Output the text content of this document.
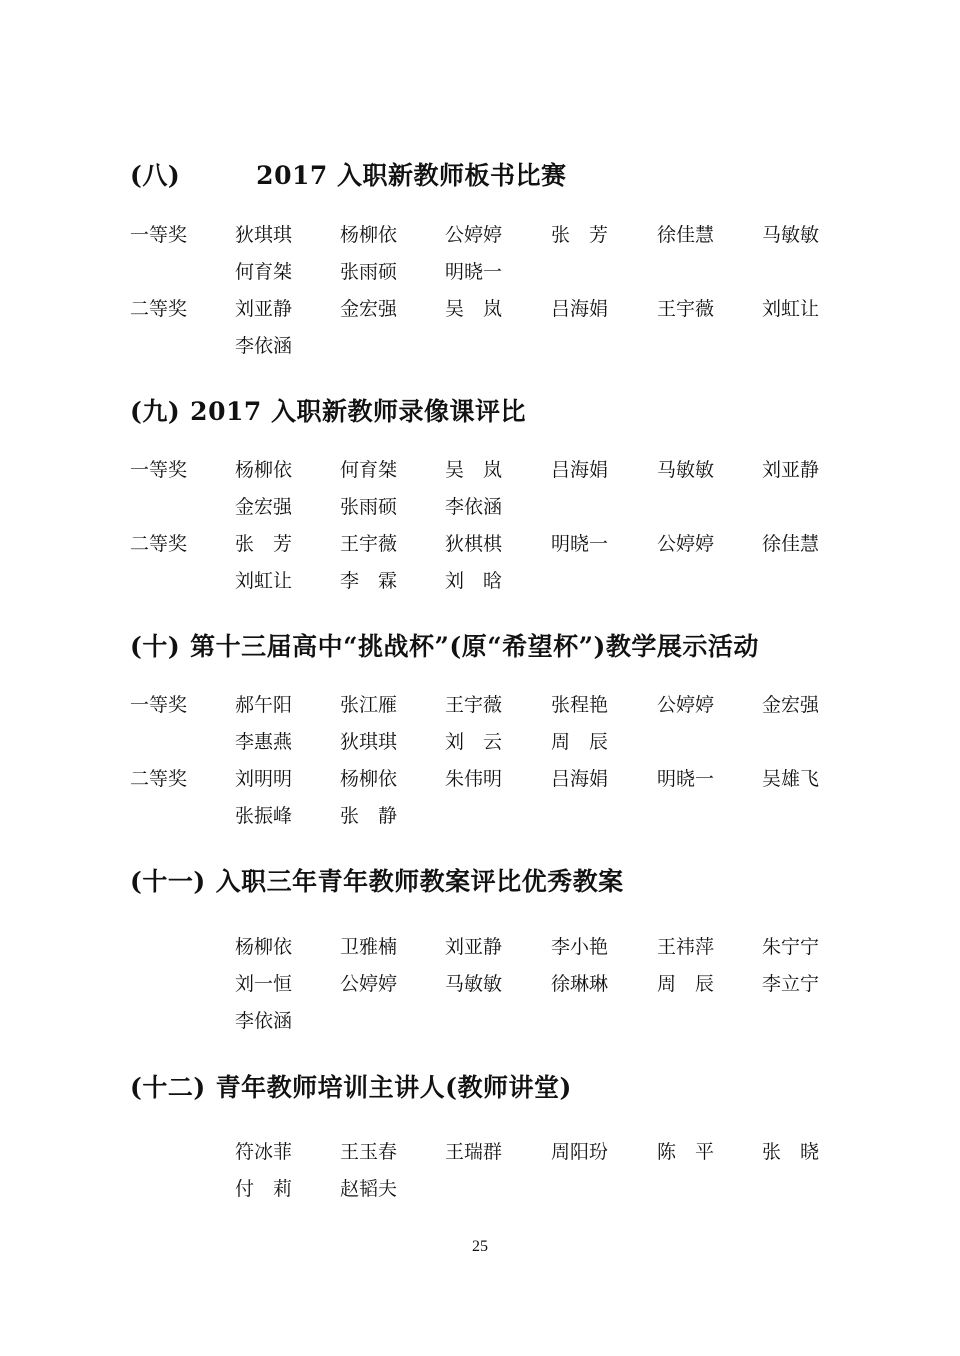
(八)	2017 入职新教师板书比赛
一等奖	狄琪琪	杨柳依	公婷婷	张　芳	徐佳慧	马敏敏
何育桀	张雨硕	明晓一
二等奖	刘亚静	金宏强	吴　岚	吕海娟	王宇薇	刘虹让
李依涵
(九) 2017 入职新教师录像课评比
一等奖	杨柳依	何育桀	吴　岚	吕海娟	马敏敏	刘亚静
金宏强	张雨硕	李依涵
二等奖	张　芳	王宇薇	狄棋棋	明晓一	公婷婷	徐佳慧
刘虹让	李　霖	刘　晗
(十) 第十三届高中“挑战杯”(原“希望杯”)教学展示活动
一等奖	郝午阳	张江雁	王宇薇	张程艳	公婷婷	金宏强
李惠燕	狄琪琪	刘　云	周　辰
二等奖	刘明明	杨柳依	朱伟明	吕海娟	明晓一	吴雄飞
张振峰	张　静
(十一) 入职三年青年教师教案评比优秀教案
杨柳依	卫雅楠	刘亚静	李小艳	王祎萍	朱宁宁
刘一恒	公婷婷	马敏敏	徐琳琳	周　辰	李立宁
李依涵
(十二) 青年教师培训主讲人(教师讲堂)
符冰菲	王玉春	王瑞群	周阳玢	陈　平	张　晓
付　莉	赵韬夫
25
